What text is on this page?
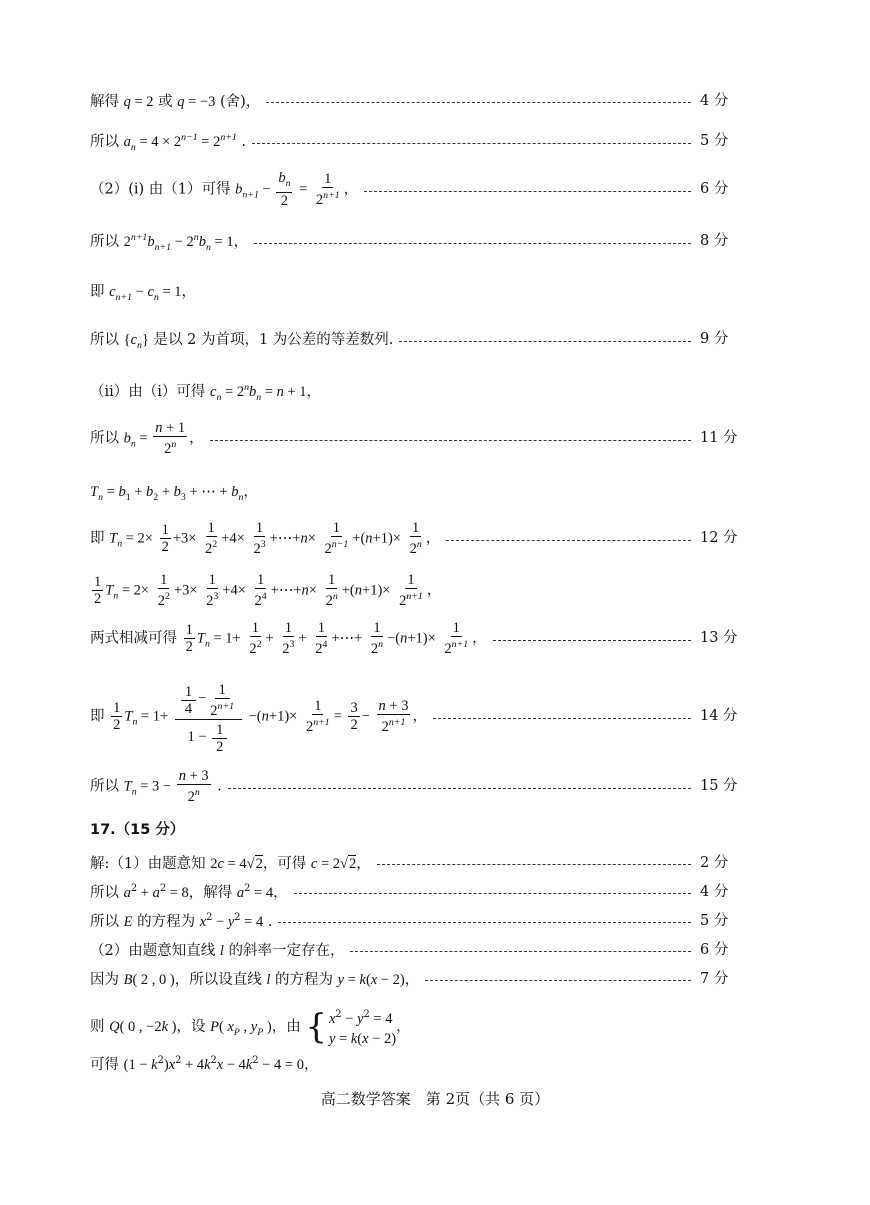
解得 q = 2 或 q = −3 (舍)，	4 分
所以 $a_n = 4 \times 2^{n-1} = 2^{n+1}$ .	5 分
（2）(i) 由（1）可得 $b_{n+1} - \frac{b_n}{2} = \frac{1}{2^{n+1}}$ ，	6 分
所以 $2^{n+1}b_{n+1} - 2^nb_n = 1$，	8 分
即 $c_{n+1} - c_n = 1$，
所以 $\{c_n\}$ 是以 2 为首项，1 为公差的等差数列.	9 分
（ii）由（i）可得 $c_n = 2^nb_n = n + 1$，
所以 $b_n = \frac{n + 1}{2^n}$ ，	11 分
$T_n = b_1 + b_2 + b_3$ + ⋯ + $b_n$，
即 $T_n = 2\times \frac{1}{2} +3\times \frac{1}{2^2} +4\times \frac{1}{2^3}$ +⋯+n× $\frac{1}{2^{n-1}} +(n+1)\times \frac{1}{2^n}$ ，	12 分
$\frac{1}{2} T_n = 2\times \frac{1}{2^2} +3\times \frac{1}{2^3} +4\times \frac{1}{2^4}$ +⋯+n× $\frac{1}{2^n} +(n+1)\times \frac{1}{2^{n+1}}$ ，
两式相减可得 $\frac{1}{2} T_n = 1+ \frac{1}{2^2} + \frac{1}{2^3} + \frac{1}{2^4}$ +⋯+ $\frac{1}{2^n} -(n+1)\times \frac{1}{2^{n+1}}$ ，	13 分
即 $\frac{1}{2} T_n = 1+ \frac{\frac{1}{4} - \frac{1}{2^{n+1}}}{1 - \frac{1}{2}} -(n+1)\times \frac{1}{2^{n+1}} = \frac{3}{2} - \frac{n + 3}{2^{n+1}}$ ，	14 分
所以 $T_n = 3 - \frac{n + 3}{2^n}$ .	15 分
17.（15 分）
解:（1）由题意知 2c = 4√2，可得 c = 2√2，	2 分
所以 $a^2 + a^2 = 8$，解得 $a^2 = 4$，	4 分
所以 E 的方程为 $x^2 - y^2 = 4$ .	5 分
（2）由题意知直线 l 的斜率一定存在，	6 分
因为 B( 2 , 0 )，所以设直线 l 的方程为 y = k(x − 2)，	7 分
则 Q( 0 , −2k )，设 P( $x_P$ , $y_P$ )，由 { $x^2 - y^2 = 4$
y = k(x − 2)
，
可得 $(1 - k^2)x^2 + 4k^2x - 4k^2 - 4 = 0$，
高二数学答案　第 2页（共 6 页）
